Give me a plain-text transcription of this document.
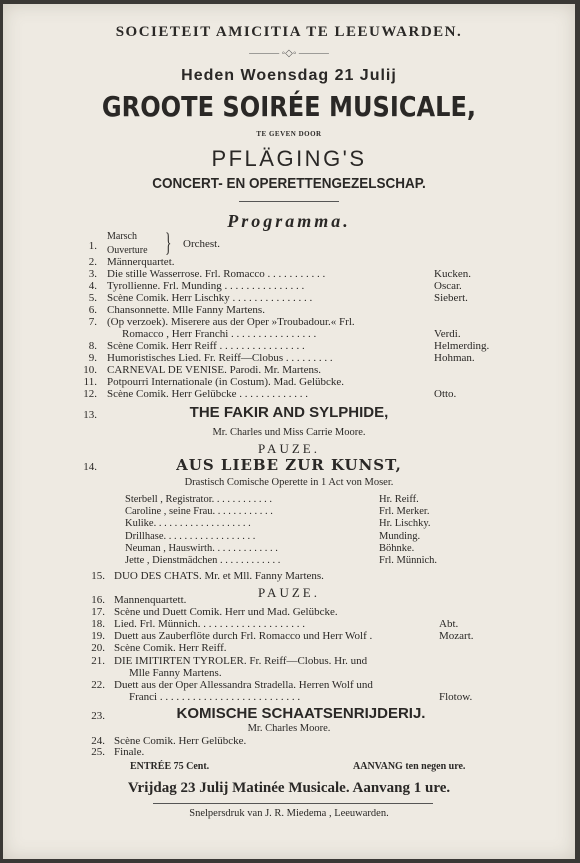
SOCIETEIT AMICITIA TE LEEUWARDEN.
——— ◦◇◦ ———
Heden Woensdag 21 Julij
GROOTE SOIRÉE MUSICALE,
TE GEVEN DOOR
PFLÄGING'S
CONCERT- EN OPERETTENGEZELSCHAP.
Programma.
1.
Marsch
Ouverture } Orchest.
2. Männerquartet.
3. Die stille Wasserrose. Frl. Romacco . . . . . . . . . . .	Kucken.
4. Tyrollienne. Frl. Munding . . . . . . . . . . . . . . .	Oscar.
5. Scène Comik. Herr Lischky . . . . . . . . . . . . . . .	Siebert.
6. Chansonnette. Mlle Fanny Martens.
7. (Op verzoek). Miserere aus der Oper »Troubadour.« Frl.
Romacco , Herr Franchi . . . . . . . . . . . . . . . .	Verdi.
8. Scène Comik. Herr Reiff . . . . . . . . . . . . . . . .	Helmerding.
9. Humoristisches Lied. Fr. Reiff—Clobus . . . . . . . . .	Hohman.
10. CARNEVAL DE VENISE. Parodi. Mr. Martens.
11. Potpourri Internationale (in Costum). Mad. Gelübcke.
12. Scène Comik. Herr Gelübcke . . . . . . . . . . . . .	Otto.
13.	THE FAKIR AND SYLPHIDE,
Mr. Charles und Miss Carrie Moore.
PAUZE.
14.	AUS LIEBE ZUR KUNST,
Drastisch Comische Operette in 1 Act von Moser.
Sterbell , Registrator. . . . . . . . . . . .	Hr. Reiff.
Caroline , seine Frau. . . . . . . . . . . .	Frl. Merker.
Kulike. . . . . . . . . . . . . . . . . . .	Hr. Lischky.
Drillhase. . . . . . . . . . . . . . . . . .	Munding.
Neuman , Hauswirth. . . . . . . . . . . . .	Böhnke.
Jette , Dienstmädchen . . . . . . . . . . . .	Frl. Münnich.
15. DUO DES CHATS. Mr. et Mll. Fanny Martens.
PAUZE.
16. Mannenquartett.
17. Scène und Duett Comik. Herr und Mad. Gelübcke.
18. Lied. Frl. Münnich. . . . . . . . . . . . . . . . . . . .	Abt.
19. Duett aus Zauberflöte durch Frl. Romacco und Herr Wolf .	Mozart.
20. Scène Comik. Herr Reiff.
21. DIE IMITIRTEN TYROLER. Fr. Reiff—Clobus. Hr. und
Mlle Fanny Martens.
22. Duett aus der Oper Allessandra Stradella. Herren Wolf und
Franci . . . . . . . . . . . . . . . . . . . . . . . . . .	Flotow.
23.	KOMISCHE SCHAATSENRIJDERIJ.
Mr. Charles Moore.
24. Scène Comik. Herr Gelübcke.
25. Finale.
ENTRÉE 75 Cent.	AANVANG ten negen ure.
Vrijdag 23 Julij Matinée Musicale. Aanvang 1 ure.
Snelpersdruk van J. R. Miedema , Leeuwarden.
